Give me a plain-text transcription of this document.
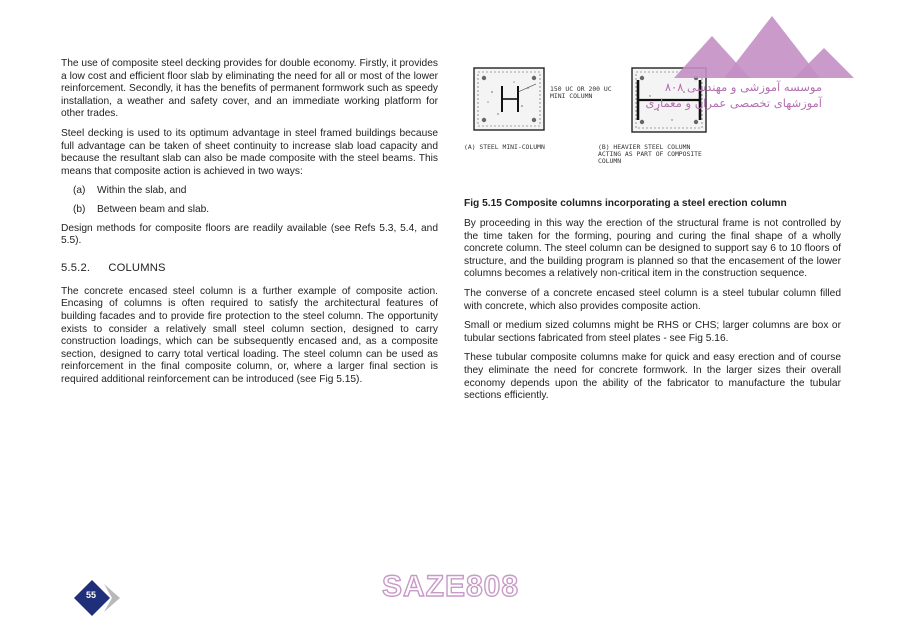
The use of composite steel decking provides for double economy. Firstly, it provides a low cost and efficient floor slab by eliminating the need for all or most of the lower reinforcement. Secondly, it has the benefits of permanent formwork such as speedy installation, a weather and safety cover, and an immediate working platform for other trades.

Steel decking is used to its optimum advantage in steel framed buildings because full advantage can be taken of sheet continuity to increase slab load capacity and because the resultant slab can also be made composite with the steel beams. This means that composite action is achieved in two ways:

(a)	Within the slab, and
(b)	Between beam and slab.

Design methods for composite floors are readily available (see Refs 5.3, 5.4, and 5.5).

5.5.2. COLUMNS

The concrete encased steel column is a further example of composite action. Encasing of columns is often required to satisfy the architectural features of building facades and to provide fire protection to the steel column. The opportunity exists to consider a relatively small steel column section, designed to carry construction loadings, which can be subsequently encased and, as a composite section, designed to carry total vertical loading. The steel column can be used as reinforcement in the final composite column, or, where a larger final section is required additional reinforcement can be introduced (see Fig 5.15).

150 UC OR 200 UC MINI COLUMN
(A) STEEL MINI-COLUMN	(B) HEAVIER STEEL COLUMN ACTING AS PART OF COMPOSITE COLUMN
Fig 5.15 Composite columns incorporating a steel erection column

By proceeding in this way the erection of the structural frame is not controlled by the time taken for the forming, pouring and curing the final shape of a wholly concrete column. The steel column can be designed to support say 6 to 10 floors of structure, and the building program is planned so that the encasement of the lower columns becomes a relatively non-critical item in the construction sequence.

The converse of a concrete encased steel column is a steel tubular column filled with concrete, which also provides composite action.

Small or medium sized columns might be RHS or CHS; larger columns are box or tubular sections fabricated from steel plates - see Fig 5.16.

These tubular composite columns make for quick and easy erection and of course they eliminate the need for concrete formwork. In the larger sizes their overall economy depends upon the ability of the fabricator to manufacture the tubular sections efficiently.

موسسه آموزشی و مهندسی ۸۰۸
آموزشهای تخصصی عمران و معماری
55	SAZE808
